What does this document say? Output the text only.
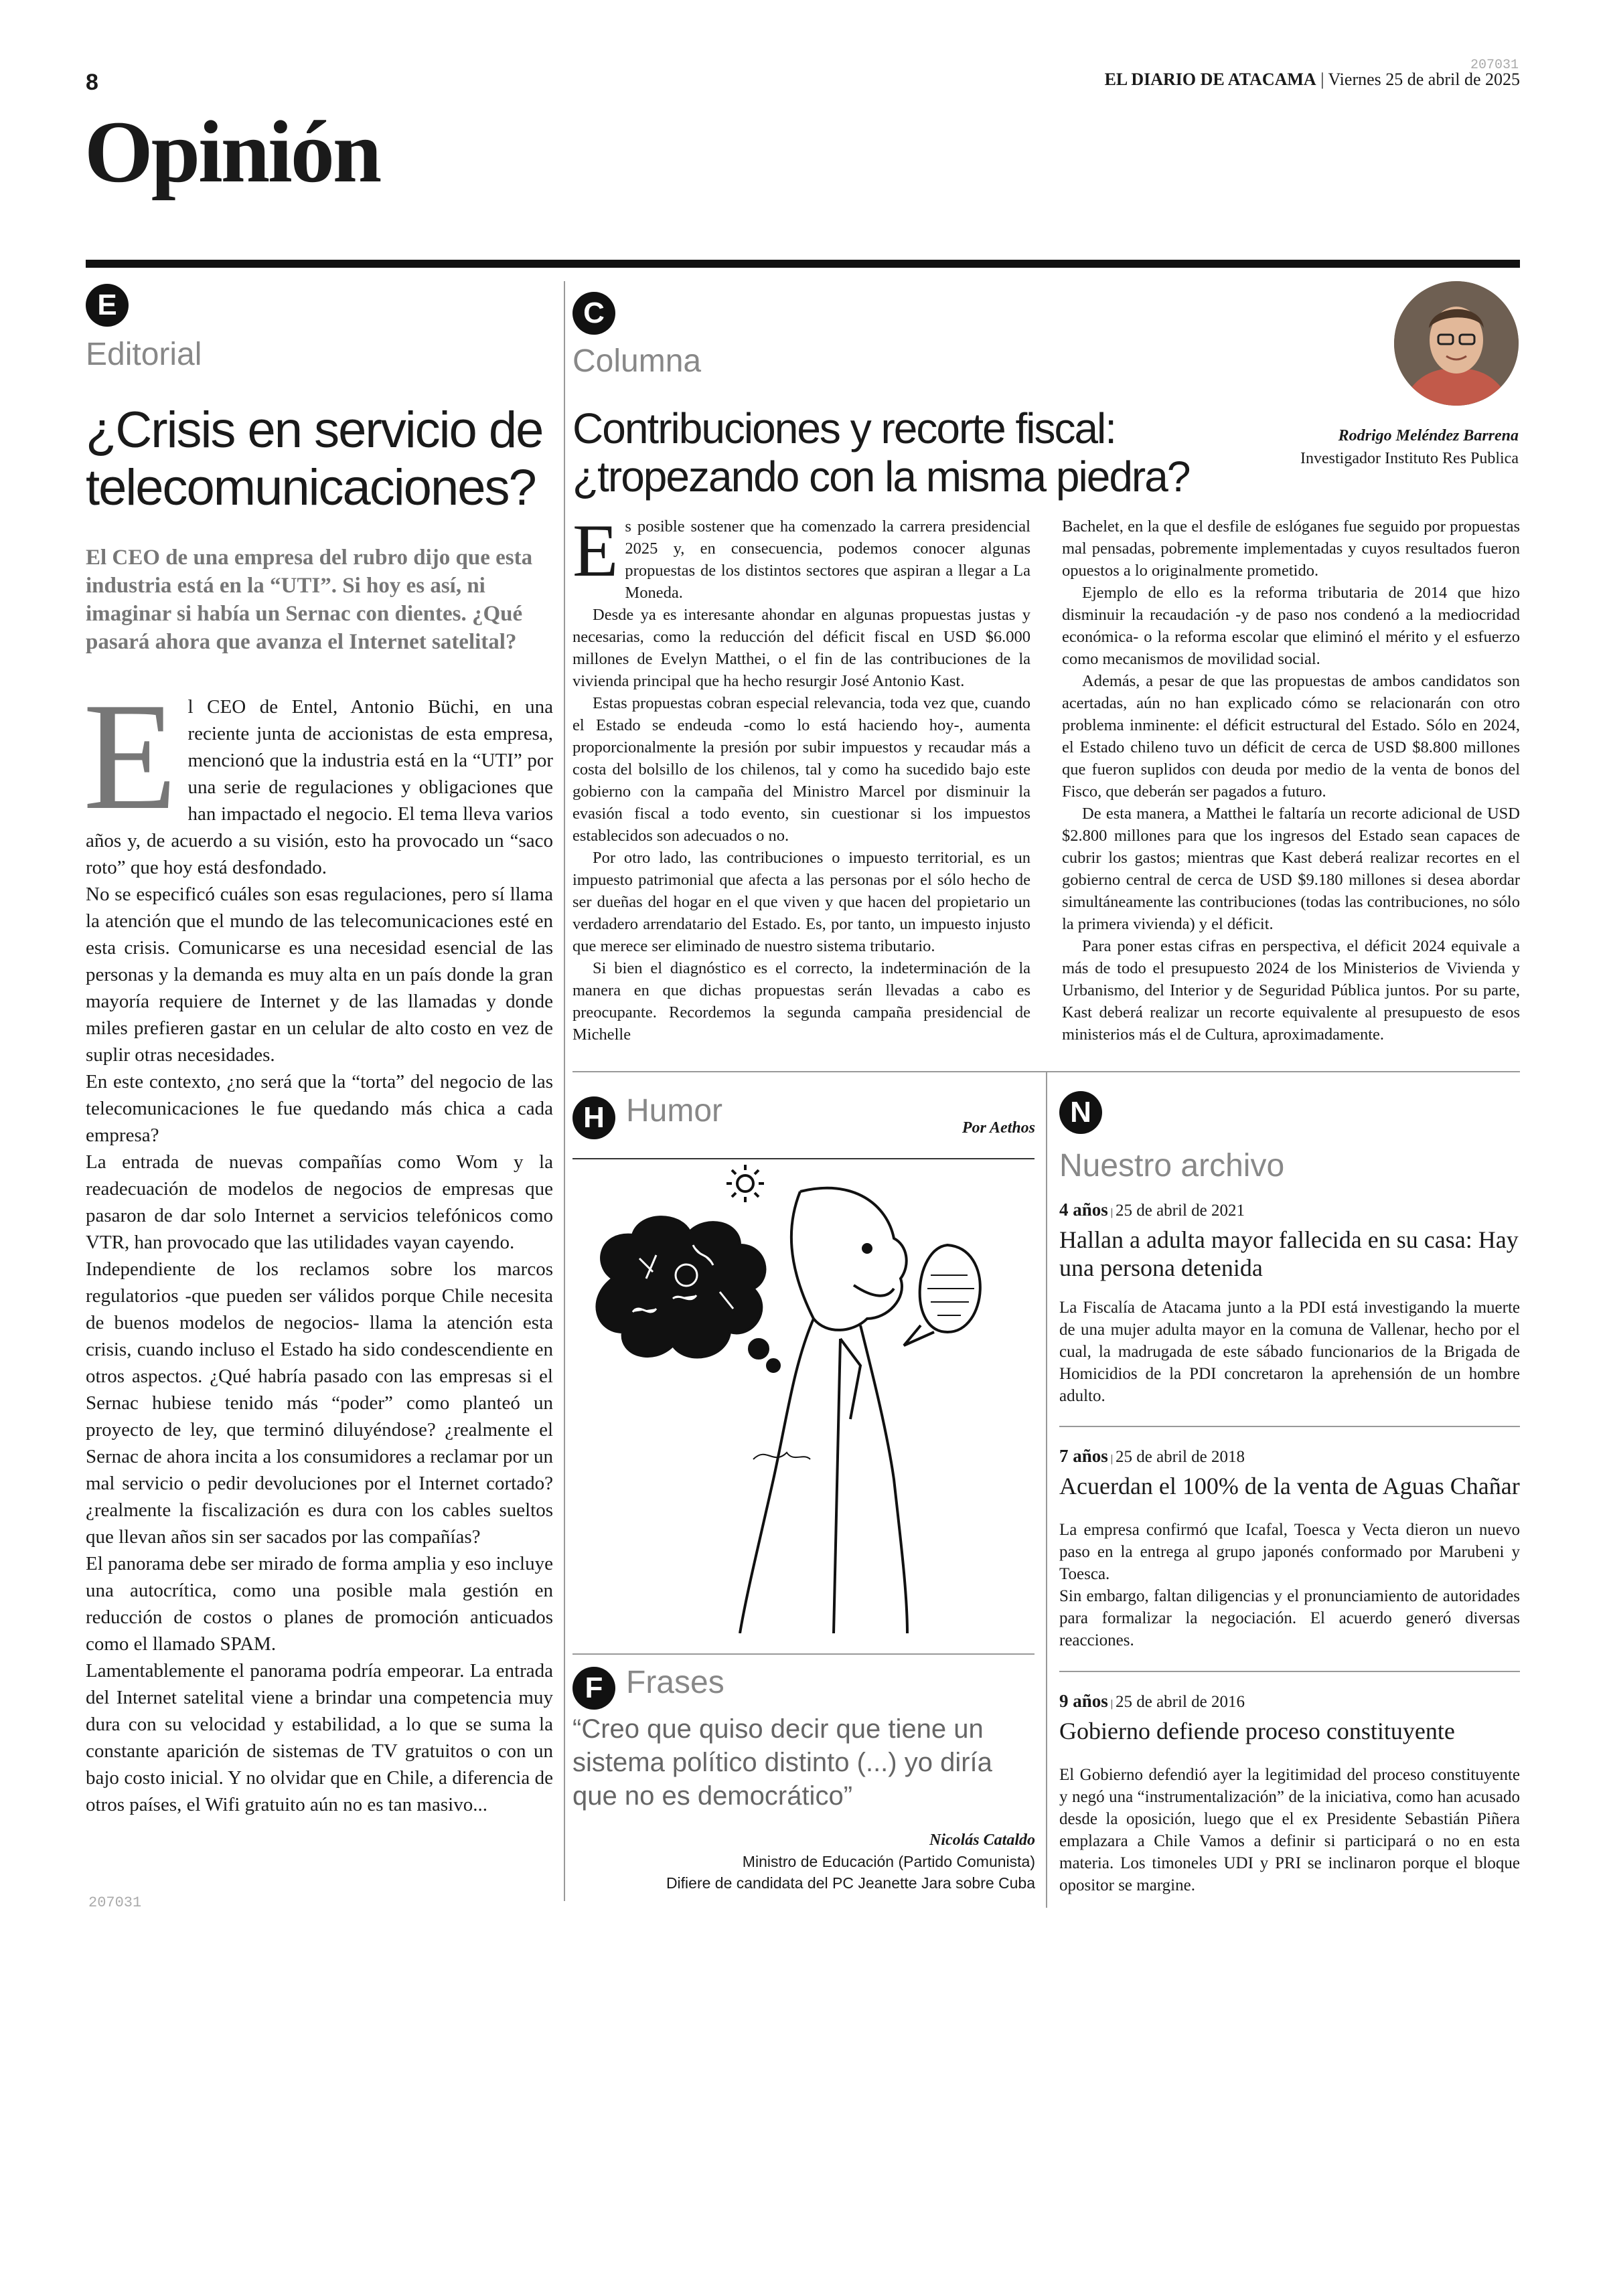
8
207031
EL DIARIO DE ATACAMA | Viernes 25 de abril de 2025
Opinión
E
Editorial
¿Crisis en servicio de telecomunicaciones?
El CEO de una empresa del rubro dijo que esta industria está en la “UTI”. Si hoy es así, ni imaginar si había un Sernac con dientes. ¿Qué pasará ahora que avanza el Internet satelital?

El CEO de Entel, Antonio Büchi, en una reciente junta de accionistas de esta empresa, mencionó que la industria está en la “UTI” por una serie de regulaciones y obligaciones que han impactado el negocio. El tema lleva varios años y, de acuerdo a su visión, esto ha provocado un “saco roto” que hoy está desfondado.

No se especificó cuáles son esas regulaciones, pero sí llama la atención que el mundo de las telecomunicaciones esté en esta crisis. Comunicarse es una necesidad esencial de las personas y la demanda es muy alta en un país donde la gran mayoría requiere de Internet y de las llamadas y donde miles prefieren gastar en un celular de alto costo en vez de suplir otras necesidades.

En este contexto, ¿no será que la “torta” del negocio de las telecomunicaciones le fue quedando más chica a cada empresa?

La entrada de nuevas compañías como Wom y la readecuación de modelos de negocios de empresas que pasaron de dar solo Internet a servicios telefónicos como VTR, han provocado que las utilidades vayan cayendo.

Independiente de los reclamos sobre los marcos regulatorios -que pueden ser válidos porque Chile necesita de buenos modelos de negocios- llama la atención esta crisis, cuando incluso el Estado ha sido condescendiente en otros aspectos. ¿Qué habría pasado con las empresas si el Sernac hubiese tenido más “poder” como planteó un proyecto de ley, que terminó diluyéndose? ¿realmente el Sernac de ahora incita a los consumidores a reclamar por un mal servicio o pedir devoluciones por el Internet cortado? ¿realmente la fiscalización es dura con los cables sueltos que llevan años sin ser sacados por las compañías?

El panorama debe ser mirado de forma amplia y eso incluye una autocrítica, como una posible mala gestión en reducción de costos o planes de promoción anticuados como el llamado SPAM.

Lamentablemente el panorama podría empeorar. La entrada del Internet satelital viene a brindar una competencia muy dura con su velocidad y estabilidad, a lo que se suma la constante aparición de sistemas de TV gratuitos o con un bajo costo inicial. Y no olvidar que en Chile, a diferencia de otros países, el Wifi gratuito aún no es tan masivo...

207031
C
Columna
Contribuciones y recorte fiscal:
¿tropezando con la misma piedra?
Rodrigo Meléndez Barrena
Investigador Instituto Res Publica

Es posible sostener que ha comenzado la carrera presidencial 2025 y, en consecuencia, podemos conocer algunas propuestas de los distintos sectores que aspiran a llegar a La Moneda.

Desde ya es interesante ahondar en algunas propuestas justas y necesarias, como la reducción del déficit fiscal en USD $6.000 millones de Evelyn Matthei, o el fin de las contribuciones de la vivienda principal que ha hecho resurgir José Antonio Kast.

Estas propuestas cobran especial relevancia, toda vez que, cuando el Estado se endeuda -como lo está haciendo hoy-, aumenta proporcionalmente la presión por subir impuestos y recaudar más a costa del bolsillo de los chilenos, tal y como ha sucedido bajo este gobierno con la campaña del Ministro Marcel por disminuir la evasión fiscal a todo evento, sin cuestionar si los impuestos establecidos son adecuados o no.

Por otro lado, las contribuciones o impuesto territorial, es un impuesto patrimonial que afecta a las personas por el sólo hecho de ser dueñas del hogar en el que viven y que hacen del propietario un verdadero arrendatario del Estado. Es, por tanto, un impuesto injusto que merece ser eliminado de nuestro sistema tributario.

Si bien el diagnóstico es el correcto, la indeterminación de la manera en que dichas propuestas serán llevadas a cabo es preocupante. Recordemos la segunda campaña presidencial de Michelle

Bachelet, en la que el desfile de eslóganes fue seguido por propuestas mal pensadas, pobremente implementadas y cuyos resultados fueron opuestos a lo originalmente prometido.

Ejemplo de ello es la reforma tributaria de 2014 que hizo disminuir la recaudación -y de paso nos condenó a la mediocridad económica- o la reforma escolar que eliminó el mérito y el esfuerzo como mecanismos de movilidad social.

Además, a pesar de que las propuestas de ambos candidatos son acertadas, aún no han explicado cómo se relacionarán con otro problema inminente: el déficit estructural del Estado. Sólo en 2024, el Estado chileno tuvo un déficit de cerca de USD $8.800 millones que fueron suplidos con deuda por medio de la venta de bonos del Fisco, que deberán ser pagados a futuro.

De esta manera, a Matthei le faltaría un recorte adicional de USD $2.800 millones para que los ingresos del Estado sean capaces de cubrir los gastos; mientras que Kast deberá realizar recortes en el gobierno central de cerca de USD $9.180 millones si desea abordar simultáneamente las contribuciones (todas las contribuciones, no sólo la primera vivienda) y el déficit.

Para poner estas cifras en perspectiva, el déficit 2024 equivale a más de todo el presupuesto 2024 de los Ministerios de Vivienda y Urbanismo, del Interior y de Seguridad Pública juntos. Por su parte, Kast deberá realizar un recorte equivalente al presupuesto de esos ministerios más el de Cultura, aproximadamente.

H Humor	Por Aethos
F Frases
“Creo que quiso decir que tiene un sistema político distinto (...) yo diría que no es democrático”
Nicolás Cataldo
Ministro de Educación (Partido Comunista)
Difiere de candidata del PC Jeanette Jara sobre Cuba
N
Nuestro archivo
4 años | 25 de abril de 2021
Hallan a adulta mayor fallecida en su casa: Hay una persona detenida
La Fiscalía de Atacama junto a la PDI está investigando la muerte de una mujer adulta mayor en la comuna de Vallenar, hecho por el cual, la madrugada de este sábado funcionarios de la Brigada de Homicidios de la PDI concretaron la aprehensión de un hombre adulto.
7 años | 25 de abril de 2018
Acuerdan el 100% de la venta de Aguas Chañar
La empresa confirmó que Icafal, Toesca y Vecta dieron un nuevo paso en la entrega al grupo japonés conformado por Marubeni y Toesca.
Sin embargo, faltan diligencias y el pronunciamiento de autoridades para formalizar la negociación. El acuerdo generó diversas reacciones.
9 años | 25 de abril de 2016
Gobierno defiende proceso constituyente
El Gobierno defendió ayer la legitimidad del proceso constituyente y negó una “instrumentalización” de la iniciativa, como han acusado desde la oposición, luego que el ex Presidente Sebastián Piñera emplazara a Chile Vamos a definir si participará o no en esta materia. Los timoneles UDI y PRI se inclinaron porque el bloque opositor se margine.
